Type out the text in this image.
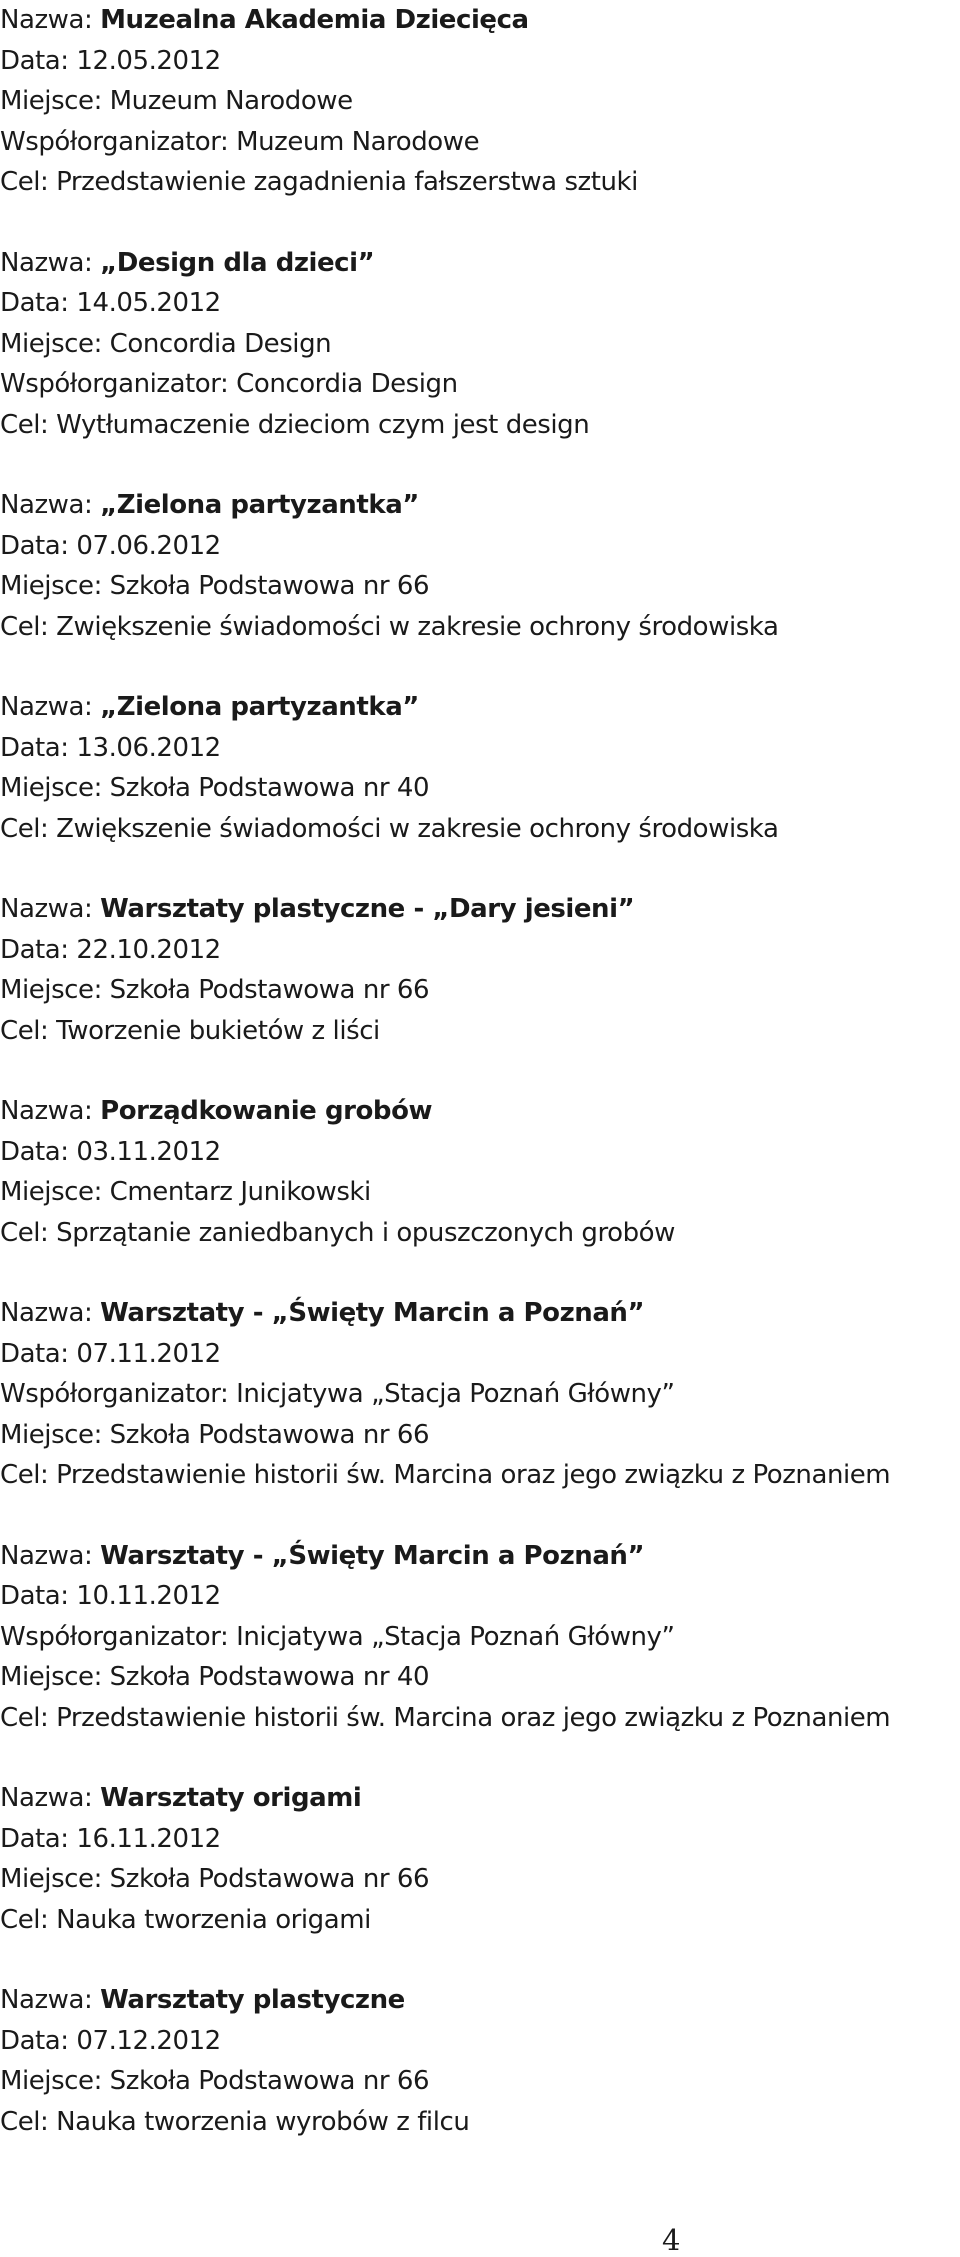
Nazwa: Muzealna Akademia Dziecięca
Data: 12.05.2012
Miejsce: Muzeum Narodowe
Współorganizator: Muzeum Narodowe
Cel: Przedstawienie zagadnienia fałszerstwa sztuki
Nazwa: „Design dla dzieci”
Data: 14.05.2012
Miejsce: Concordia Design
Współorganizator: Concordia Design
Cel: Wytłumaczenie dzieciom czym jest design
Nazwa: „Zielona partyzantka”
Data: 07.06.2012
Miejsce: Szkoła Podstawowa nr 66
Cel: Zwiększenie świadomości w zakresie ochrony środowiska
Nazwa: „Zielona partyzantka”
Data: 13.06.2012
Miejsce: Szkoła Podstawowa nr 40
Cel: Zwiększenie świadomości w zakresie ochrony środowiska
Nazwa: Warsztaty plastyczne - „Dary jesieni”
Data: 22.10.2012
Miejsce: Szkoła Podstawowa nr 66
Cel: Tworzenie bukietów z liści
Nazwa: Porządkowanie grobów
Data: 03.11.2012
Miejsce: Cmentarz Junikowski
Cel: Sprzątanie zaniedbanych i opuszczonych grobów
Nazwa: Warsztaty - „Święty Marcin a Poznań”
Data: 07.11.2012
Współorganizator: Inicjatywa „Stacja Poznań Główny”
Miejsce: Szkoła Podstawowa nr 66
Cel: Przedstawienie historii św. Marcina oraz jego związku z Poznaniem
Nazwa: Warsztaty - „Święty Marcin a Poznań”
Data: 10.11.2012
Współorganizator: Inicjatywa „Stacja Poznań Główny”
Miejsce: Szkoła Podstawowa nr 40
Cel: Przedstawienie historii św. Marcina oraz jego związku z Poznaniem
Nazwa: Warsztaty origami
Data: 16.11.2012
Miejsce: Szkoła Podstawowa nr 66
Cel: Nauka tworzenia origami
Nazwa: Warsztaty plastyczne
Data: 07.12.2012
Miejsce: Szkoła Podstawowa nr 66
Cel: Nauka tworzenia wyrobów z filcu
4
